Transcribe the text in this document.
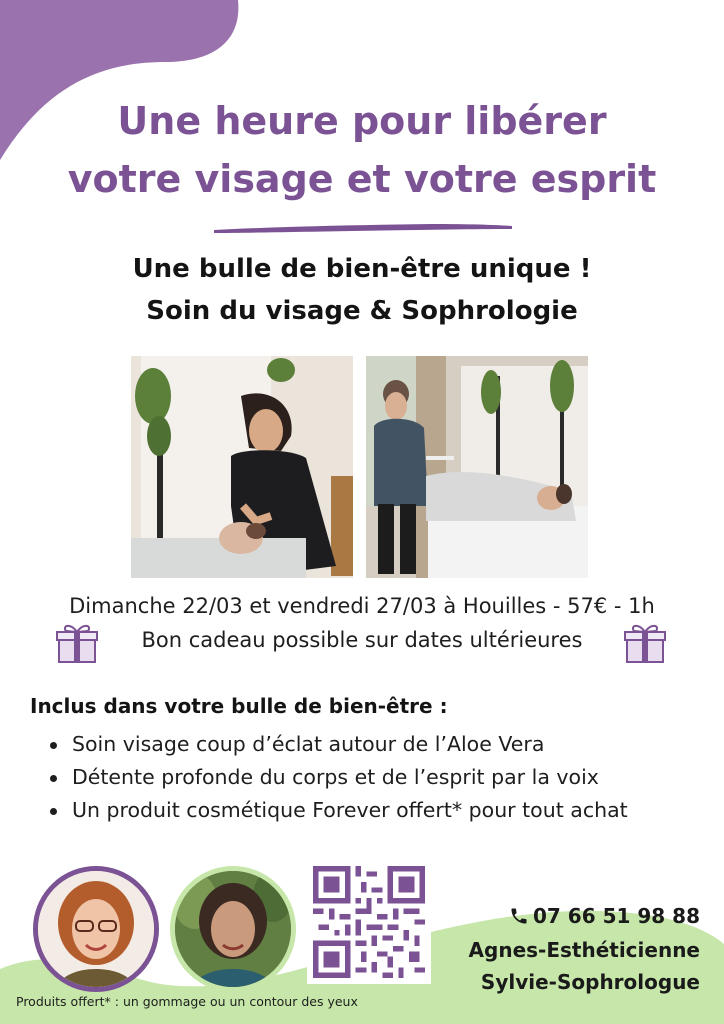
Une heure pour libérer
votre visage et votre esprit
Une bulle de bien-être unique !
Soin du visage & Sophrologie
Dimanche 22/03 et vendredi 27/03 à Houilles - 57€ - 1h
Bon cadeau possible sur dates ultérieures
Inclus dans votre bulle de bien-être :
Soin visage coup d’éclat autour de l’Aloe Vera
Détente profonde du corps et de l’esprit par la voix
Un produit cosmétique Forever offert* pour tout achat
07 66 51 98 88
Agnes-Esthéticienne
Sylvie-Sophrologue
Produits offert* : un gommage ou un contour des yeux
